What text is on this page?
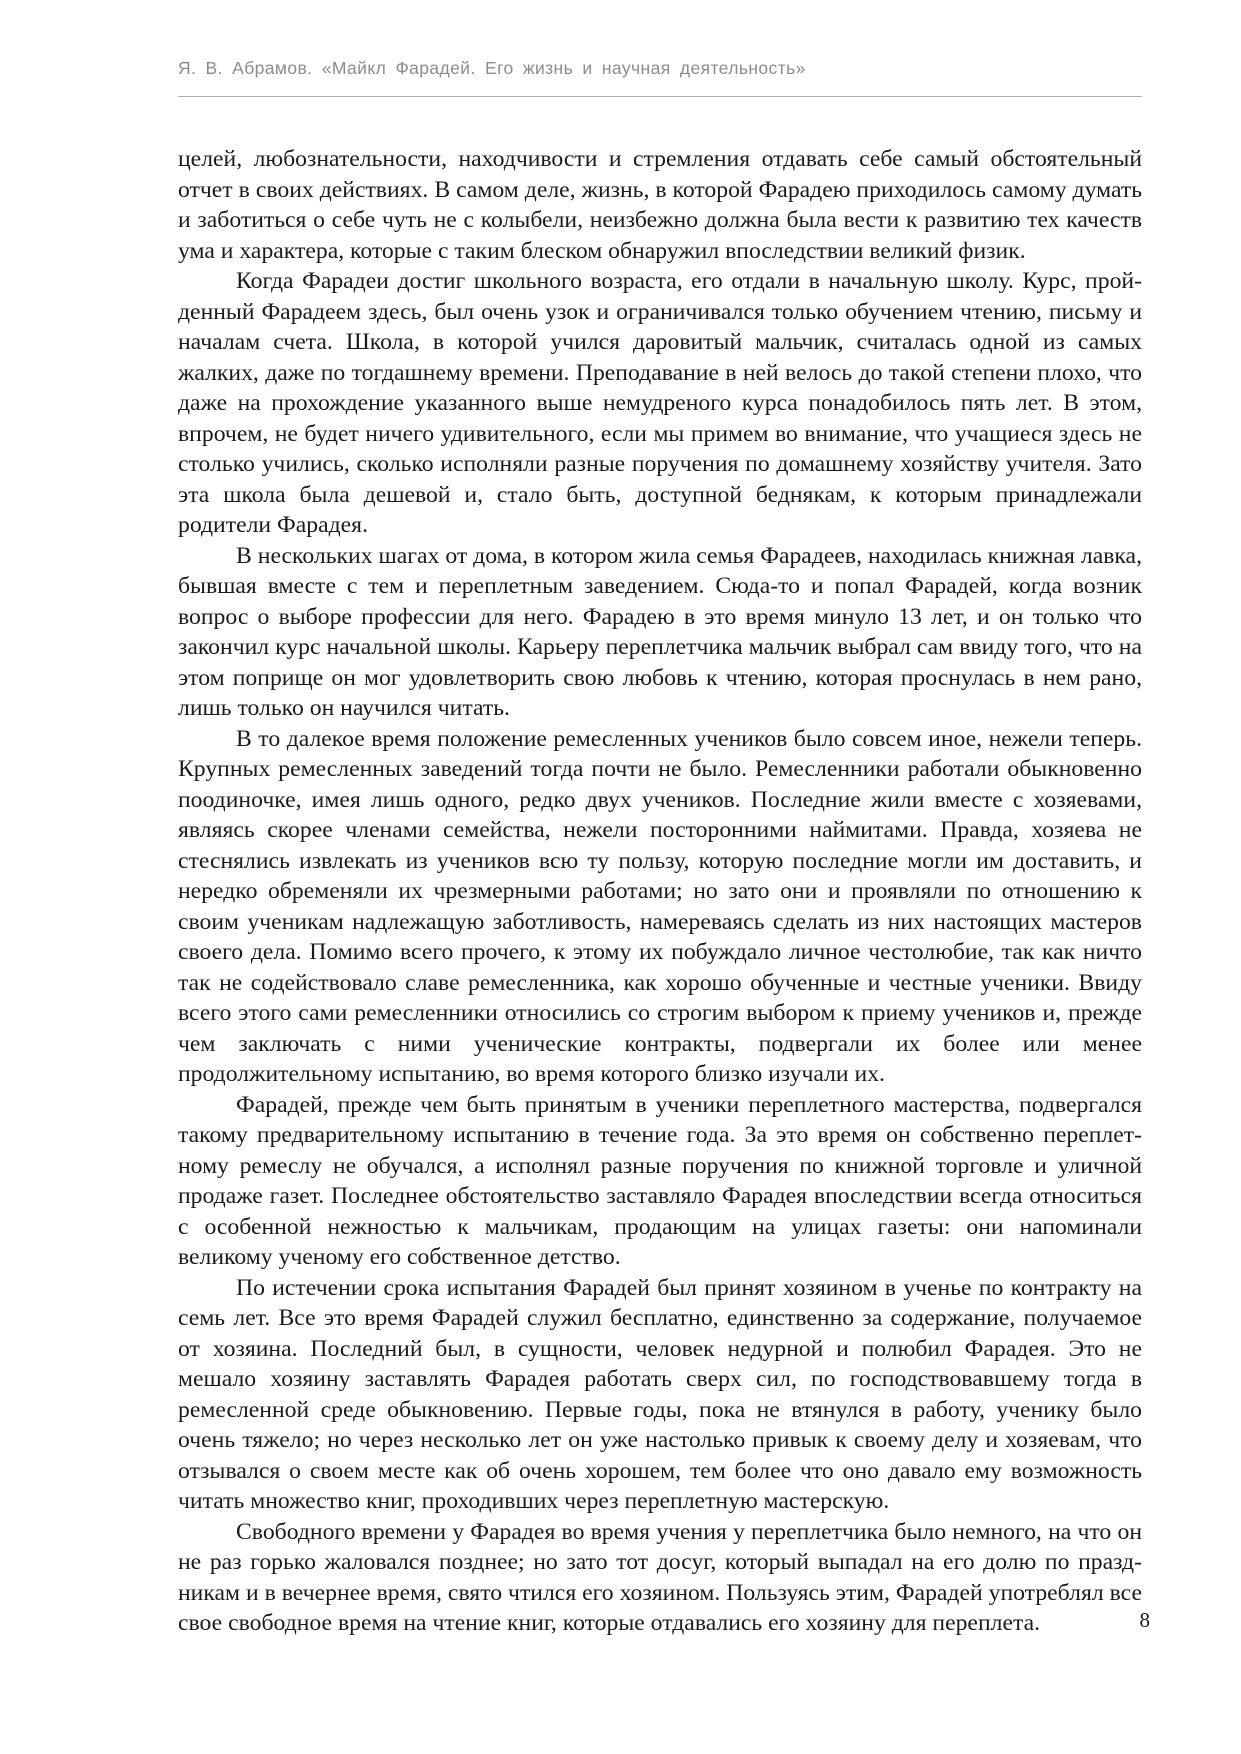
Я. В. Абрамов. «Майкл Фарадей. Его жизнь и научная деятельность»

целей, любознательности, находчивости и стремления отдавать себе самый обстоятельный отчет в своих действиях. В самом деле, жизнь, в которой Фарадею приходилось самому думать и заботиться о себе чуть не с колыбели, неизбежно должна была вести к развитию тех качеств ума и характера, которые с таким блеском обнаружил впоследствии великий физик.

Когда Фарадеи достиг школьного возраста, его отдали в начальную школу. Курс, пройденный Фарадеем здесь, был очень узок и ограничивался только обучением чтению, письму и началам счета. Школа, в которой учился даровитый мальчик, считалась одной из самых жалких, даже по тогдашнему времени. Преподавание в ней велось до такой степени плохо, что даже на прохождение указанного выше немудреного курса понадобилось пять лет. В этом, впрочем, не будет ничего удивительного, если мы примем во внимание, что учащиеся здесь не столько учились, сколько исполняли разные поручения по домашнему хозяйству учителя. Зато эта школа была дешевой и, стало быть, доступной беднякам, к которым принадлежали родители Фарадея.

В нескольких шагах от дома, в котором жила семья Фарадеев, находилась книжная лавка, бывшая вместе с тем и переплетным заведением. Сюда-то и попал Фарадей, когда возник вопрос о выборе профессии для него. Фарадею в это время минуло 13 лет, и он только что закончил курс начальной школы. Карьеру переплетчика мальчик выбрал сам ввиду того, что на этом поприще он мог удовлетворить свою любовь к чтению, которая проснулась в нем рано, лишь только он научился читать.

В то далекое время положение ремесленных учеников было совсем иное, нежели теперь. Крупных ремесленных заведений тогда почти не было. Ремесленники работали обыкновенно поодиночке, имея лишь одного, редко двух учеников. Последние жили вместе с хозяевами, являясь скорее членами семейства, нежели посторонними наймитами. Правда, хозяева не стеснялись извлекать из учеников всю ту пользу, которую последние могли им доставить, и нередко обременяли их чрезмерными работами; но зато они и проявляли по отношению к своим ученикам надлежащую заботливость, намереваясь сделать из них настоящих мастеров своего дела. Помимо всего прочего, к этому их побуждало личное честолюбие, так как ничто так не содействовало славе ремесленника, как хорошо обученные и честные ученики. Ввиду всего этого сами ремесленники относились со строгим выбором к приему учеников и, прежде чем заключать с ними ученические контракты, подвергали их более или менее продолжительному испытанию, во время которого близко изучали их.

Фарадей, прежде чем быть принятым в ученики переплетного мастерства, подвергался такому предварительному испытанию в течение года. За это время он собственно переплетному ремеслу не обучался, а исполнял разные поручения по книжной торговле и уличной продаже газет. Последнее обстоятельство заставляло Фарадея впоследствии всегда относиться с особенной нежностью к мальчикам, продающим на улицах газеты: они напоминали великому ученому его собственное детство.

По истечении срока испытания Фарадей был принят хозяином в ученье по контракту на семь лет. Все это время Фарадей служил бесплатно, единственно за содержание, получаемое от хозяина. Последний был, в сущности, человек недурной и полюбил Фарадея. Это не мешало хозяину заставлять Фарадея работать сверх сил, по господствовавшему тогда в ремесленной среде обыкновению. Первые годы, пока не втянулся в работу, ученику было очень тяжело; но через несколько лет он уже настолько привык к своему делу и хозяевам, что отзывался о своем месте как об очень хорошем, тем более что оно давало ему возможность читать множество книг, проходивших через переплетную мастерскую.

Свободного времени у Фарадея во время учения у переплетчика было немного, на что он не раз горько жаловался позднее; но зато тот досуг, который выпадал на его долю по праздникам и в вечернее время, свято чтился его хозяином. Пользуясь этим, Фарадей употреблял все свое свободное время на чтение книг, которые отдавались его хозяину для переплета.	8
